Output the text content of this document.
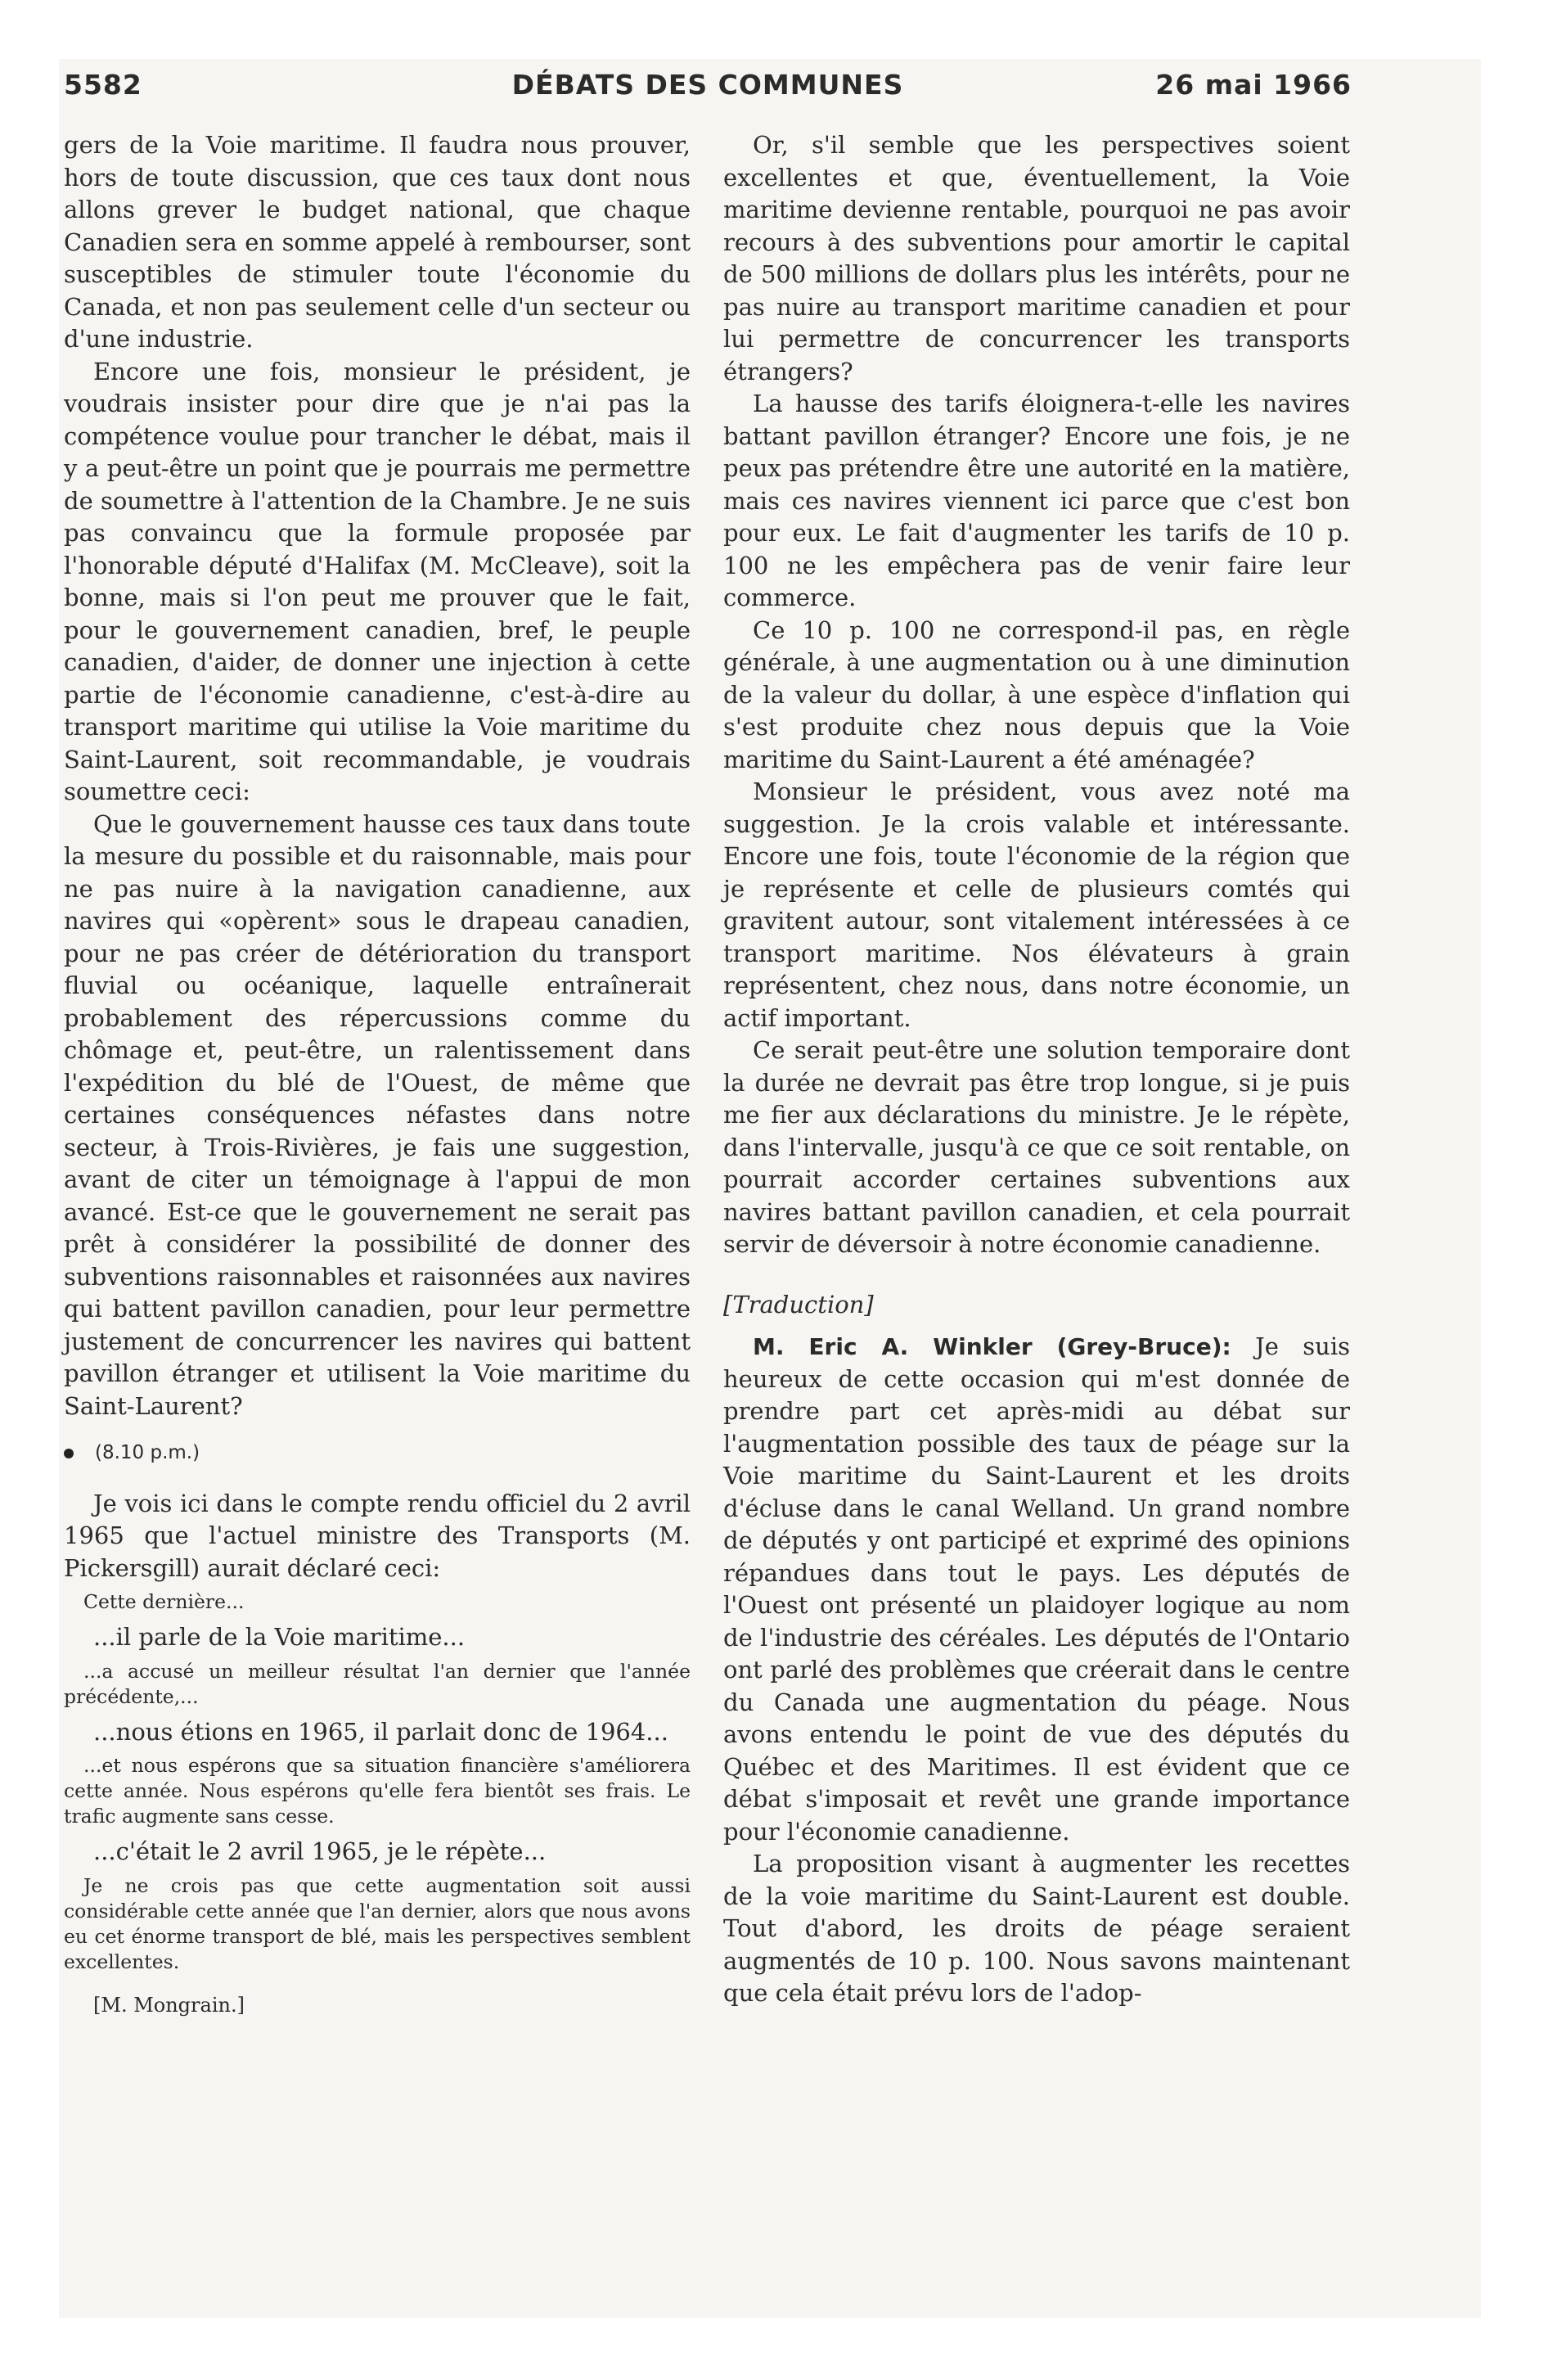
5582	DÉBATS DES COMMUNES	26 mai 1966

gers de la Voie maritime. Il faudra nous prouver, hors de toute discussion, que ces taux dont nous allons grever le budget national, que chaque Canadien sera en somme appelé à rembourser, sont susceptibles de stimuler toute l'économie du Canada, et non pas seulement celle d'un secteur ou d'une industrie.

Encore une fois, monsieur le président, je voudrais insister pour dire que je n'ai pas la compétence voulue pour trancher le débat, mais il y a peut-être un point que je pourrais me permettre de soumettre à l'attention de la Chambre. Je ne suis pas convaincu que la formule proposée par l'honorable député d'Halifax (M. McCleave), soit la bonne, mais si l'on peut me prouver que le fait, pour le gouvernement canadien, bref, le peuple canadien, d'aider, de donner une injection à cette partie de l'économie canadienne, c'est-à-dire au transport maritime qui utilise la Voie maritime du Saint-Laurent, soit recommandable, je voudrais soumettre ceci:

Que le gouvernement hausse ces taux dans toute la mesure du possible et du raisonnable, mais pour ne pas nuire à la navigation canadienne, aux navires qui «opèrent» sous le drapeau canadien, pour ne pas créer de détérioration du transport fluvial ou océanique, laquelle entraînerait probablement des répercussions comme du chômage et, peut-être, un ralentissement dans l'expédition du blé de l'Ouest, de même que certaines conséquences néfastes dans notre secteur, à Trois-Rivières, je fais une suggestion, avant de citer un témoignage à l'appui de mon avancé. Est-ce que le gouvernement ne serait pas prêt à considérer la possibilité de donner des subventions raisonnables et raisonnées aux navires qui battent pavillon canadien, pour leur permettre justement de concurrencer les navires qui battent pavillon étranger et utilisent la Voie maritime du Saint-Laurent?

(8.10 p.m.)

Je vois ici dans le compte rendu officiel du 2 avril 1965 que l'actuel ministre des Transports (M. Pickersgill) aurait déclaré ceci:

Cette dernière...

...il parle de la Voie maritime...

...a accusé un meilleur résultat l'an dernier que l'année précédente,...

...nous étions en 1965, il parlait donc de 1964...

...et nous espérons que sa situation financière s'améliorera cette année. Nous espérons qu'elle fera bientôt ses frais. Le trafic augmente sans cesse.

...c'était le 2 avril 1965, je le répète...

Je ne crois pas que cette augmentation soit aussi considérable cette année que l'an dernier, alors que nous avons eu cet énorme transport de blé, mais les perspectives semblent excellentes.

[M. Mongrain.]

Or, s'il semble que les perspectives soient excellentes et que, éventuellement, la Voie maritime devienne rentable, pourquoi ne pas avoir recours à des subventions pour amortir le capital de 500 millions de dollars plus les intérêts, pour ne pas nuire au transport maritime canadien et pour lui permettre de concurrencer les transports étrangers?

La hausse des tarifs éloignera-t-elle les navires battant pavillon étranger? Encore une fois, je ne peux pas prétendre être une autorité en la matière, mais ces navires viennent ici parce que c'est bon pour eux. Le fait d'augmenter les tarifs de 10 p. 100 ne les empêchera pas de venir faire leur commerce.

Ce 10 p. 100 ne correspond-il pas, en règle générale, à une augmentation ou à une diminution de la valeur du dollar, à une espèce d'inflation qui s'est produite chez nous depuis que la Voie maritime du Saint-Laurent a été aménagée?

Monsieur le président, vous avez noté ma suggestion. Je la crois valable et intéressante. Encore une fois, toute l'économie de la région que je représente et celle de plusieurs comtés qui gravitent autour, sont vitalement intéressées à ce transport maritime. Nos élévateurs à grain représentent, chez nous, dans notre économie, un actif important.

Ce serait peut-être une solution temporaire dont la durée ne devrait pas être trop longue, si je puis me fier aux déclarations du ministre. Je le répète, dans l'intervalle, jusqu'à ce que ce soit rentable, on pourrait accorder certaines subventions aux navires battant pavillon canadien, et cela pourrait servir de déversoir à notre économie canadienne.

[Traduction]

M. Eric A. Winkler (Grey-Bruce): Je suis heureux de cette occasion qui m'est donnée de prendre part cet après-midi au débat sur l'augmentation possible des taux de péage sur la Voie maritime du Saint-Laurent et les droits d'écluse dans le canal Welland. Un grand nombre de députés y ont participé et exprimé des opinions répandues dans tout le pays. Les députés de l'Ouest ont présenté un plaidoyer logique au nom de l'industrie des céréales. Les députés de l'Ontario ont parlé des problèmes que créerait dans le centre du Canada une augmentation du péage. Nous avons entendu le point de vue des députés du Québec et des Maritimes. Il est évident que ce débat s'imposait et revêt une grande importance pour l'économie canadienne.

La proposition visant à augmenter les recettes de la voie maritime du Saint-Laurent est double. Tout d'abord, les droits de péage seraient augmentés de 10 p. 100. Nous savons maintenant que cela était prévu lors de l'adop-
